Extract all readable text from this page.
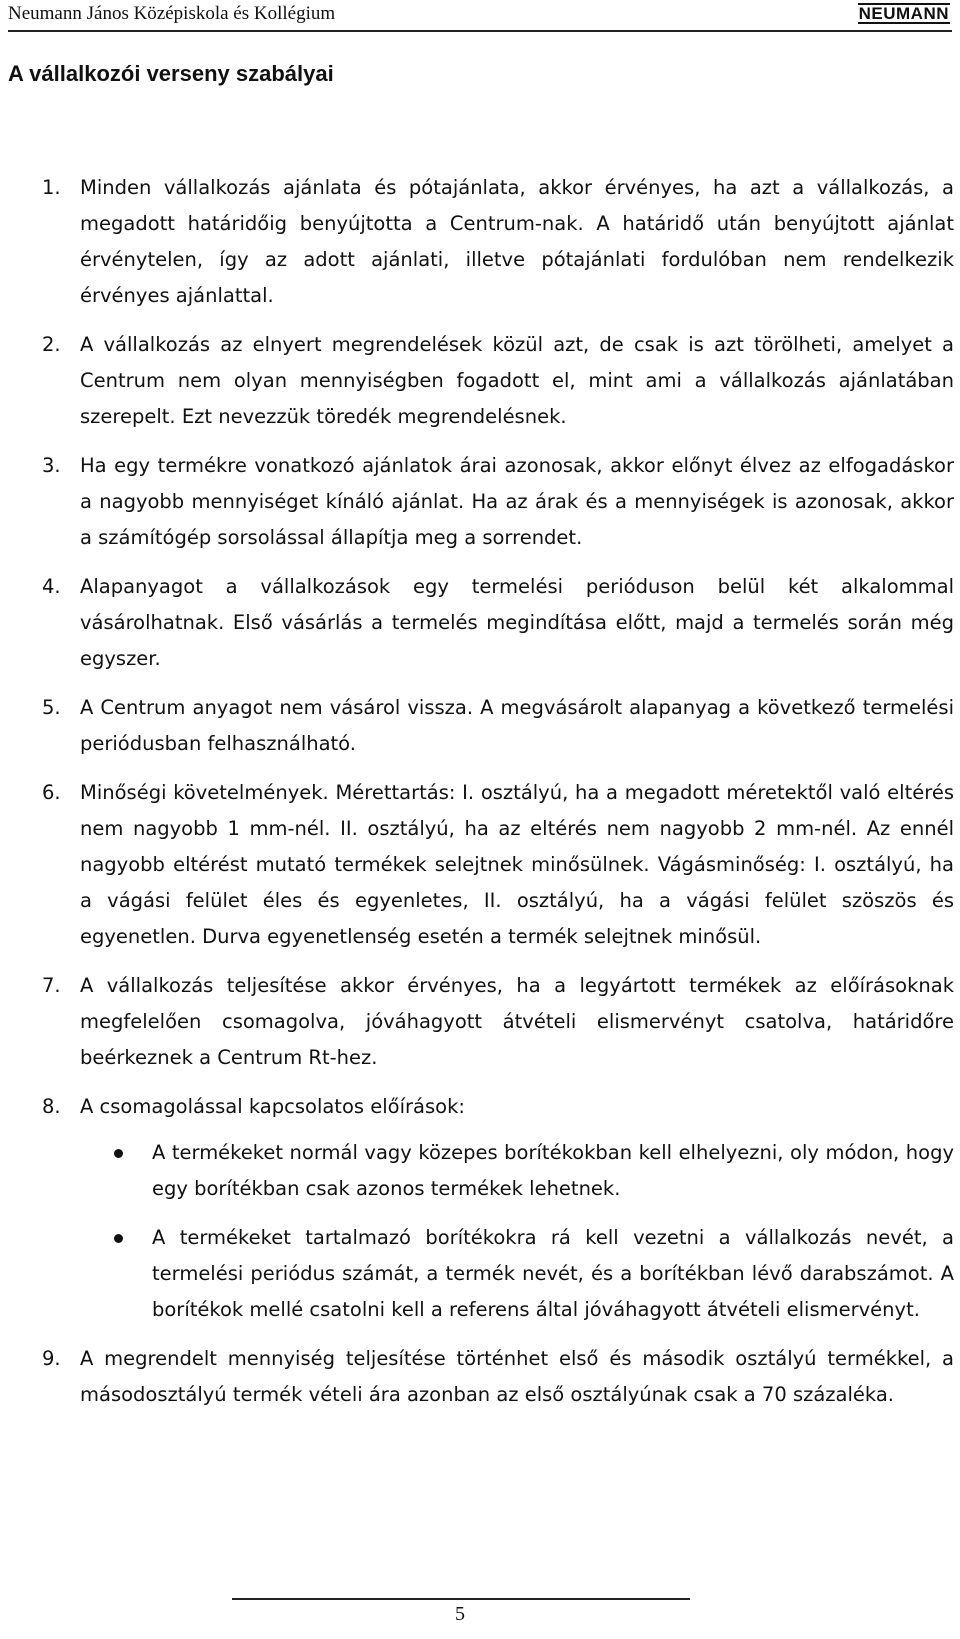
Neumann János Középiskola és Kollégium	NEUMANN
A vállalkozói verseny szabályai
1. Minden vállalkozás ajánlata és pótajánlata, akkor érvényes, ha azt a vállalkozás, a megadott határidőig benyújtotta a Centrum-nak. A határidő után benyújtott ajánlat érvénytelen, így az adott ajánlati, illetve pótajánlati fordulóban nem rendelkezik érvényes ajánlattal.

2. A vállalkozás az elnyert megrendelések közül azt, de csak is azt törölheti, amelyet a Centrum nem olyan mennyiségben fogadott el, mint ami a vállalkozás ajánlatában szerepelt. Ezt nevezzük töredék megrendelésnek.

3. Ha egy termékre vonatkozó ajánlatok árai azonosak, akkor előnyt élvez az elfogadáskor a nagyobb mennyiséget kínáló ajánlat. Ha az árak és a mennyiségek is azonosak, akkor a számítógép sorsolással állapítja meg a sorrendet.

4. Alapanyagot a vállalkozások egy termelési perióduson belül két alkalommal vásárolhatnak. Első vásárlás a termelés megindítása előtt, majd a termelés során még egyszer.

5. A Centrum anyagot nem vásárol vissza. A megvásárolt alapanyag a következő termelési periódusban felhasználható.

6. Minőségi követelmények. Mérettartás: I. osztályú, ha a megadott méretektől való eltérés nem nagyobb 1 mm-nél. II. osztályú, ha az eltérés nem nagyobb 2 mm-nél. Az ennél nagyobb eltérést mutató termékek selejtnek minősülnek. Vágásminőség: I. osztályú, ha a vágási felület éles és egyenletes, II. osztályú, ha a vágási felület szöszös és egyenetlen. Durva egyenetlenség esetén a termék selejtnek minősül.

7. A vállalkozás teljesítése akkor érvényes, ha a legyártott termékek az előírásoknak megfelelően csomagolva, jóváhagyott átvételi elismervényt csatolva, határidőre beérkeznek a Centrum Rt-hez.

8. A csomagolással kapcsolatos előírások:

A termékeket normál vagy közepes borítékokban kell elhelyezni, oly módon, hogy egy borítékban csak azonos termékek lehetnek.
A termékeket tartalmazó borítékokra rá kell vezetni a vállalkozás nevét, a termelési periódus számát, a termék nevét, és a borítékban lévő darabszámot. A borítékok mellé csatolni kell a referens által jóváhagyott átvételi elismervényt.
9. A megrendelt mennyiség teljesítése történhet első és második osztályú termékkel, a másodosztályú termék vételi ára azonban az első osztályúnak csak a 70 százaléka.

5
